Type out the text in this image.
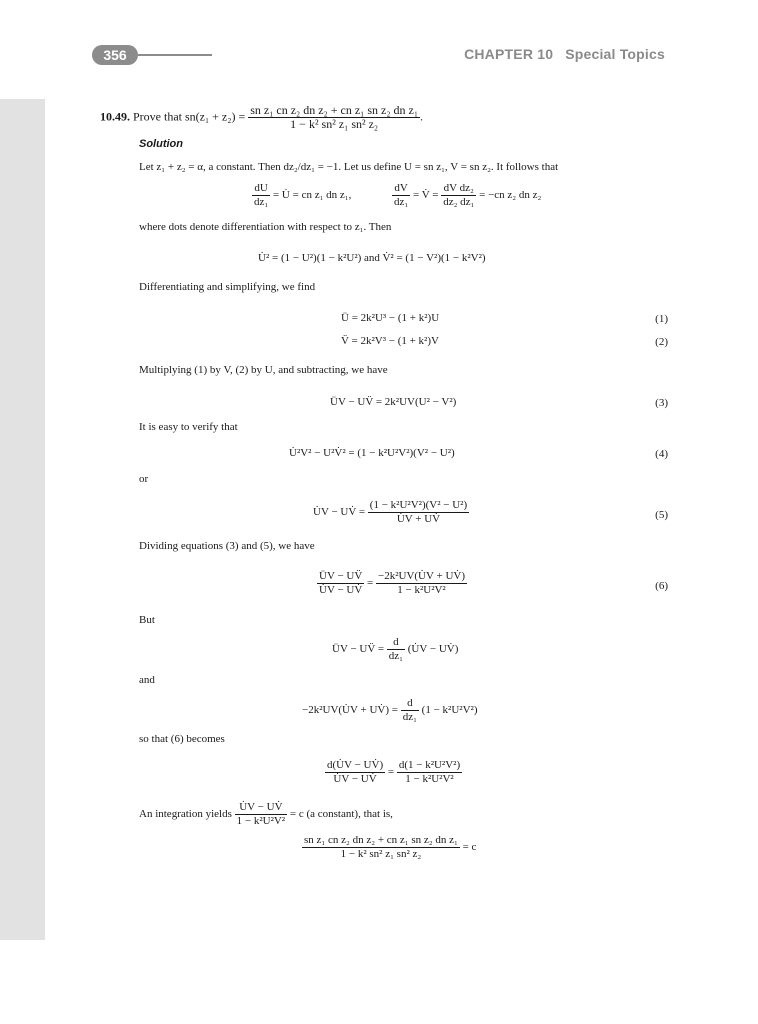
356	CHAPTER 10 Special Topics
10.49. Prove that $sn(z_1 + z_2) = \frac{\text{sn z₁ cn z₂ dn z₂ + cn z₁ sn z₂ dn z₁}}{\text{1 − k² sn² z₁ sn² z₂}}$ .
Solution
Let z₁ + z₂ = α, a constant. Then dz₂/dz₁ = −1. Let us define U = sn z₁, V = sn z₂. It follows that
$\frac{dU}{\text{dz₁}}$ = U̇ = cn z₁ dn z₁,	$\frac{dV}{\text{dz₁}}$ = V̇ = $\frac{\text{dV dz₂}}{\text{dz₂ dz₁}} = -cn$ z₂ dn z₂
where dots denote differentiation with respect to z₁. Then
U̇² = (1 − U²)(1 − k²U²) and V̇² = (1 − V²)(1 − k²V²)
Differentiating and simplifying, we find
Ü = 2k²U³ − (1 + k²)U	(1)
V̈ = 2k²V³ − (1 + k²)V	(2)
Multiplying (1) by V, (2) by U, and subtracting, we have
ÜV − UV̈ = 2k²UV(U² − V²)	(3)
It is easy to verify that
U̇²V² − U²V̇² = (1 − k²U²V²)(V² − U²)	(4)
or
U̇V − UV̇ = $\frac{\text{(1 − k²U²V²)(V² − U²)}}{U̇V + UV̇}$	(5)
Dividing equations (3) and (5), we have
$\frac{ÜV - UV̈}{U̇V - UV̇} = \frac{\text{−2k²UV(U̇V + UV̇)}}{\text{1 − k²U²V²}}$	(6)
But
ÜV − UV̈ = $\frac{d}{\text{dz₁}}$ (U̇V − UV̇)
and
−2k²UV(U̇V + UV̇) = $\frac{d}{\text{dz₁}} (1 - k^2U^2V^2)$
so that (6) becomes
$\frac{d(U̇V - UV̇)}{U̇V - UV̇} = \frac{\text{d(1 − k²U²V²)}}{\text{1 − k²U²V²}}$
An integration yields $\frac{U̇V - UV̇}{\text{1 − k²U²V²}} = c$ (a constant), that is,
$\frac{\text{sn z₁ cn z₂ dn z₂ + cn z₁ sn z₂ dn z₁}}{\text{1 − k² sn² z₁ sn² z₂}} = c$
